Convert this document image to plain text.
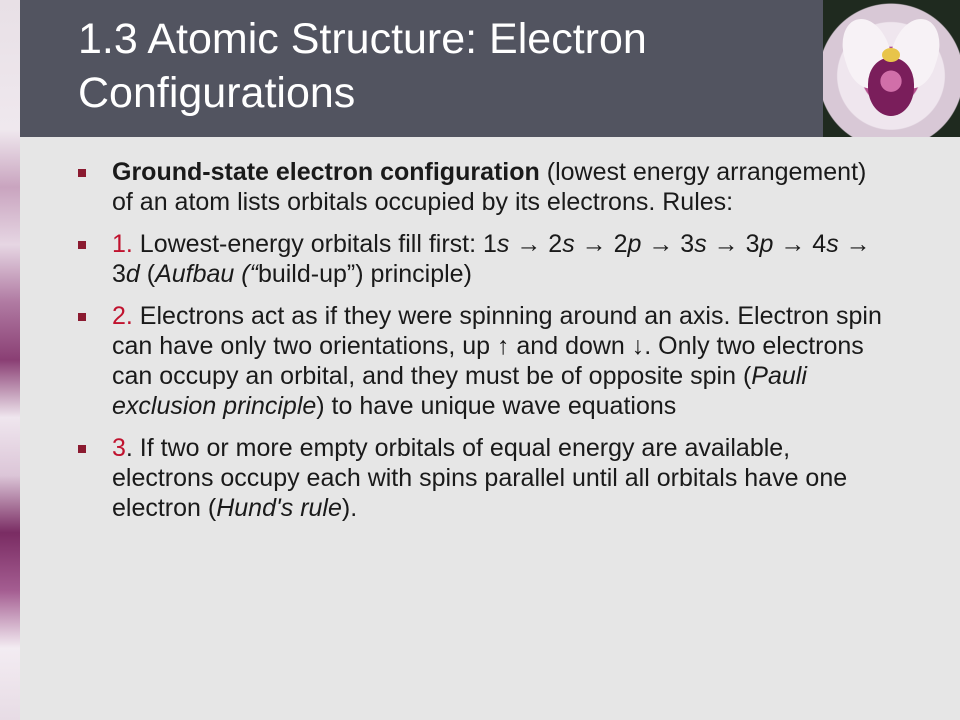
1.3 Atomic Structure: Electron Configurations
Ground-state electron configuration (lowest energy arrangement) of an atom lists orbitals occupied by its electrons. Rules:
1. Lowest-energy orbitals fill first: 1s → 2s → 2p → 3s → 3p → 4s → 3d (Aufbau (“build-up”) principle)
2. Electrons act as if they were spinning around an axis. Electron spin can have only two orientations, up ↑ and down ↓. Only two electrons can occupy an orbital, and they must be of opposite spin (Pauli exclusion principle) to have unique wave equations
3. If two or more empty orbitals of equal energy are available, electrons occupy each with spins parallel until all orbitals have one electron (Hund's rule).
